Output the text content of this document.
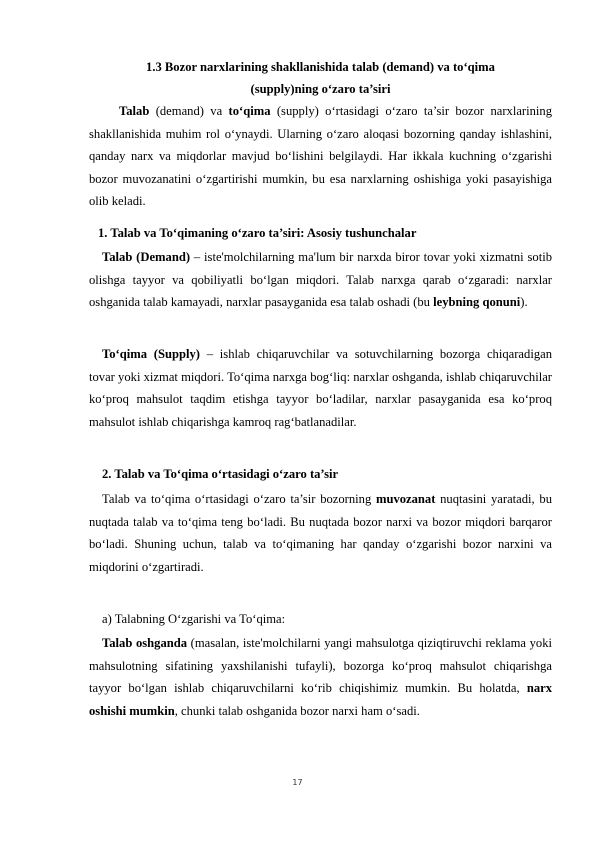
1.3 Bozor narxlarining shakllanishida talab (demand) va to‘qima
(supply)ning o‘zaro ta’siri
Talab (demand) va to‘qima (supply) o‘rtasidagi o‘zaro ta’sir bozor narxlarining shakllanishida muhim rol o‘ynaydi. Ularning o‘zaro aloqasi bozorning qanday ishlashini, qanday narx va miqdorlar mavjud bo‘lishini belgilaydi. Har ikkala kuchning o‘zgarishi bozor muvozanatini o‘zgartirishi mumkin, bu esa narxlarning oshishiga yoki pasayishiga olib keladi.
1. Talab va To‘qimaning o‘zaro ta’siri: Asosiy tushunchalar
Talab (Demand) – iste'molchilarning ma'lum bir narxda biror tovar yoki xizmatni sotib olishga tayyor va qobiliyatli bo‘lgan miqdori. Talab narxga qarab o‘zgaradi: narxlar oshganida talab kamayadi, narxlar pasayganida esa talab oshadi (bu leybning qonuni).
To‘qima (Supply) – ishlab chiqaruvchilar va sotuvchilarning bozorga chiqaradigan tovar yoki xizmat miqdori. To‘qima narxga bog‘liq: narxlar oshganda, ishlab chiqaruvchilar ko‘proq mahsulot taqdim etishga tayyor bo‘ladilar, narxlar pasayganida esa ko‘proq mahsulot ishlab chiqarishga kamroq rag‘batlanadilar.
2. Talab va To‘qima o‘rtasidagi o‘zaro ta’sir
Talab va to‘qima o‘rtasidagi o‘zaro ta’sir bozorning muvozanat nuqtasini yaratadi, bu nuqtada talab va to‘qima teng bo‘ladi. Bu nuqtada bozor narxi va bozor miqdori barqaror bo‘ladi. Shuning uchun, talab va to‘qimaning har qanday o‘zgarishi bozor narxini va miqdorini o‘zgartiradi.
a) Talabning O‘zgarishi va To‘qima:
Talab oshganda (masalan, iste'molchilarni yangi mahsulotga qiziqtiruvchi reklama yoki mahsulotning sifatining yaxshilanishi tufayli), bozorga ko‘proq mahsulot chiqarishga tayyor bo‘lgan ishlab chiqaruvchilarni ko‘rib chiqishimiz mumkin. Bu holatda, narx oshishi mumkin, chunki talab oshganida bozor narxi ham o‘sadi.
17
